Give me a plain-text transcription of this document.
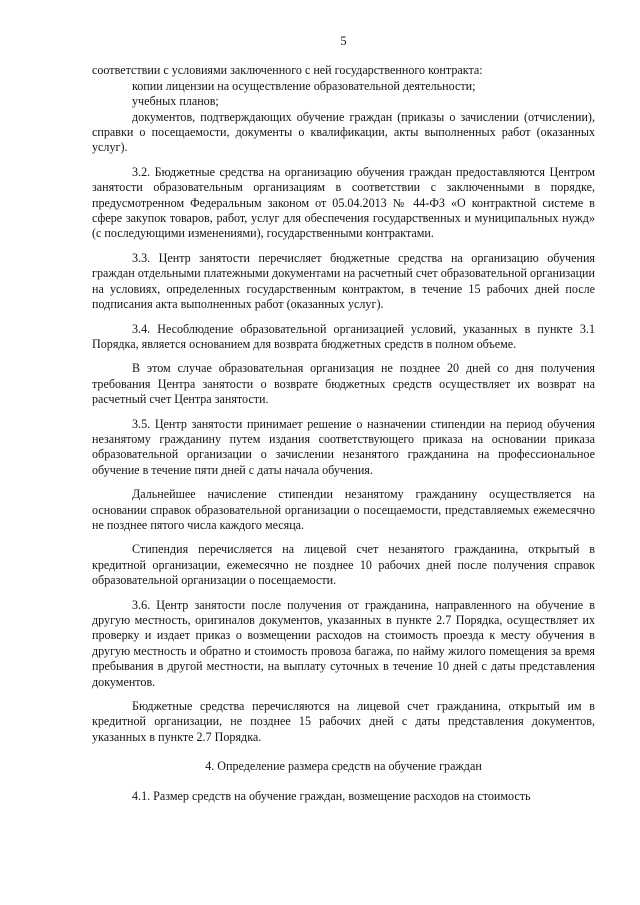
5

соответствии с условиями заключенного с ней государственного контракта:

копии лицензии на осуществление образовательной деятельности;

учебных планов;

документов, подтверждающих обучение граждан (приказы о зачислении (отчислении), справки о посещаемости, документы о квалификации, акты выполненных работ (оказанных услуг).

3.2. Бюджетные средства на организацию обучения граждан предоставляются Центром занятости образовательным организациям в соответствии с заключенными в порядке, предусмотренном Федеральным законом от 05.04.2013 № 44-ФЗ «О контрактной системе в сфере закупок товаров, работ, услуг для обеспечения государственных и муниципальных нужд» (с последующими изменениями), государственными контрактами.

3.3. Центр занятости перечисляет бюджетные средства на организацию обучения граждан отдельными платежными документами на расчетный счет образовательной организации на условиях, определенных государственным контрактом, в течение 15 рабочих дней после подписания акта выполненных работ (оказанных услуг).

3.4. Несоблюдение образовательной организацией условий, указанных в пункте 3.1 Порядка, является основанием для возврата бюджетных средств в полном объеме.

В этом случае образовательная организация не позднее 20 дней со дня получения требования Центра занятости о возврате бюджетных средств осуществляет их возврат на расчетный счет Центра занятости.

3.5. Центр занятости принимает решение о назначении стипендии на период обучения незанятому гражданину путем издания соответствующего приказа на основании приказа образовательной организации о зачислении незанятого гражданина на профессиональное обучение в течение пяти дней с даты начала обучения.

Дальнейшее начисление стипендии незанятому гражданину осуществляется на основании справок образовательной организации о посещаемости, представляемых ежемесячно не позднее пятого числа каждого месяца.

Стипендия перечисляется на лицевой счет незанятого гражданина, открытый в кредитной организации, ежемесячно не позднее 10 рабочих дней после получения справок образовательной организации о посещаемости.

3.6. Центр занятости после получения от гражданина, направленного на обучение в другую местность, оригиналов документов, указанных в пункте 2.7 Порядка, осуществляет их проверку и издает приказ о возмещении расходов на стоимость проезда к месту обучения в другую местность и обратно и стоимость провоза багажа, по найму жилого помещения за время пребывания в другой местности, на выплату суточных в течение 10 дней с даты представления документов.

Бюджетные средства перечисляются на лицевой счет гражданина, открытый им в кредитной организации, не позднее 15 рабочих дней с даты представления документов, указанных в пункте 2.7 Порядка.

4. Определение размера средств на обучение граждан

4.1. Размер средств на обучение граждан, возмещение расходов на стоимость
